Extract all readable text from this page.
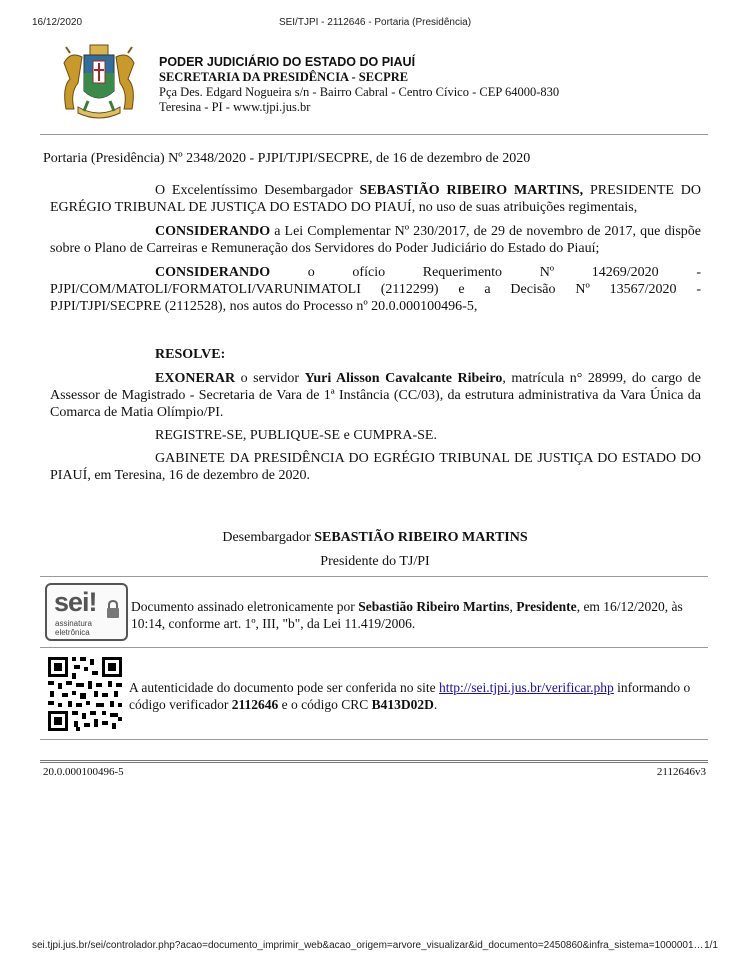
16/12/2020	SEI/TJPI - 2112646 - Portaria (Presidência)
PODER JUDICIÁRIO DO ESTADO DO PIAUÍ
SECRETARIA DA PRESIDÊNCIA - SECPRE
Pça Des. Edgard Nogueira s/n - Bairro Cabral - Centro Cívico - CEP 64000-830
Teresina - PI - www.tjpi.jus.br
Portaria (Presidência) Nº 2348/2020 - PJPI/TJPI/SECPRE, de 16 de dezembro de 2020
O Excelentíssimo Desembargador SEBASTIÃO RIBEIRO MARTINS, PRESIDENTE DO EGRÉGIO TRIBUNAL DE JUSTIÇA DO ESTADO DO PIAUÍ, no uso de suas atribuições regimentais,
CONSIDERANDO a Lei Complementar Nº 230/2017, de 29 de novembro de 2017, que dispõe sobre o Plano de Carreiras e Remuneração dos Servidores do Poder Judiciário do Estado do Piauí;
CONSIDERANDO o ofício Requerimento Nº 14269/2020 -
PJPI/COM/MATOLI/FORMATOLI/VARUNIMATOLI (2112299) e a Decisão Nº 13567/2020 -
PJPI/TJPI/SECPRE (2112528), nos autos do Processo nº 20.0.000100496-5,
RESOLVE:
EXONERAR o servidor Yuri Alisson Cavalcante Ribeiro, matrícula n° 28999, do cargo de Assessor de Magistrado - Secretaria de Vara de 1ª Instância (CC/03), da estrutura administrativa da Vara Única da Comarca de Matia Olímpio/PI.
REGISTRE-SE, PUBLIQUE-SE e CUMPRA-SE.
GABINETE DA PRESIDÊNCIA DO EGRÉGIO TRIBUNAL DE JUSTIÇA DO ESTADO DO PIAUÍ, em Teresina, 16 de dezembro de 2020.
Desembargador SEBASTIÃO RIBEIRO MARTINS
Presidente do TJ/PI
sei!
assinatura
eletrônica
Documento assinado eletronicamente por Sebastião Ribeiro Martins, Presidente, em 16/12/2020, às 10:14, conforme art. 1º, III, "b", da Lei 11.419/2006.
A autenticidade do documento pode ser conferida no site http://sei.tjpi.jus.br/verificar.php informando o código verificador 2112646 e o código CRC B413D02D.
20.0.000100496-5	2112646v3
sei.tjpi.jus.br/sei/controlador.php?acao=documento_imprimir_web&acao_origem=arvore_visualizar&id_documento=2450860&infra_sistema=1000001… 1/1
